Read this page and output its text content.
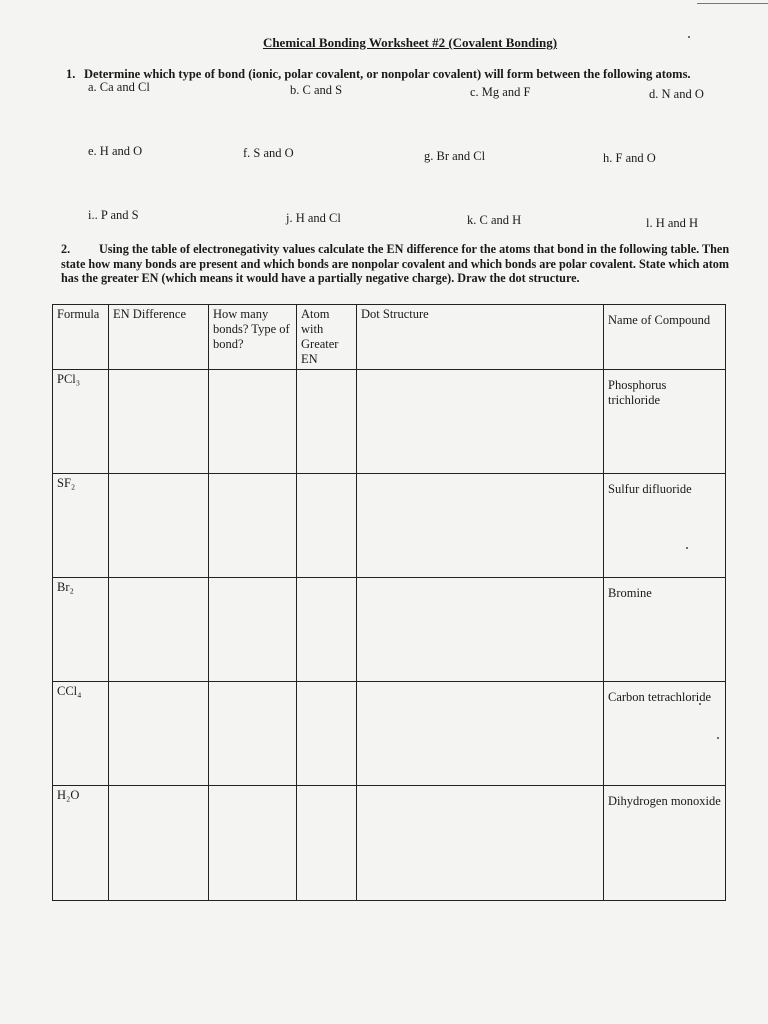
Chemical Bonding Worksheet #2 (Covalent Bonding)
1. Determine which type of bond (ionic, polar covalent, or nonpolar covalent) will form between the following atoms.
a. Ca and Cl	b. C and S	c. Mg and F	d. N and O
e. H and O	f. S and O	g. Br and Cl	h. F and O
i.. P and S	j. H and Cl	k. C and H	l. H and H
2. Using the table of electronegativity values calculate the EN difference for the atoms that bond in the following table. Then state how many bonds are present and which bonds are nonpolar covalent and which bonds are polar covalent. State which atom has the greater EN (which means it would have a partially negative charge). Draw the dot structure.
Formula	EN Difference	How many bonds? Type of bond?	Atom with Greater EN	Dot Structure	Name of Compound
PCl₃					Phosphorus trichloride
SF₂					Sulfur difluoride
Br₂					Bromine
CCl₄					Carbon tetrachloride
H₂O					Dihydrogen monoxide
